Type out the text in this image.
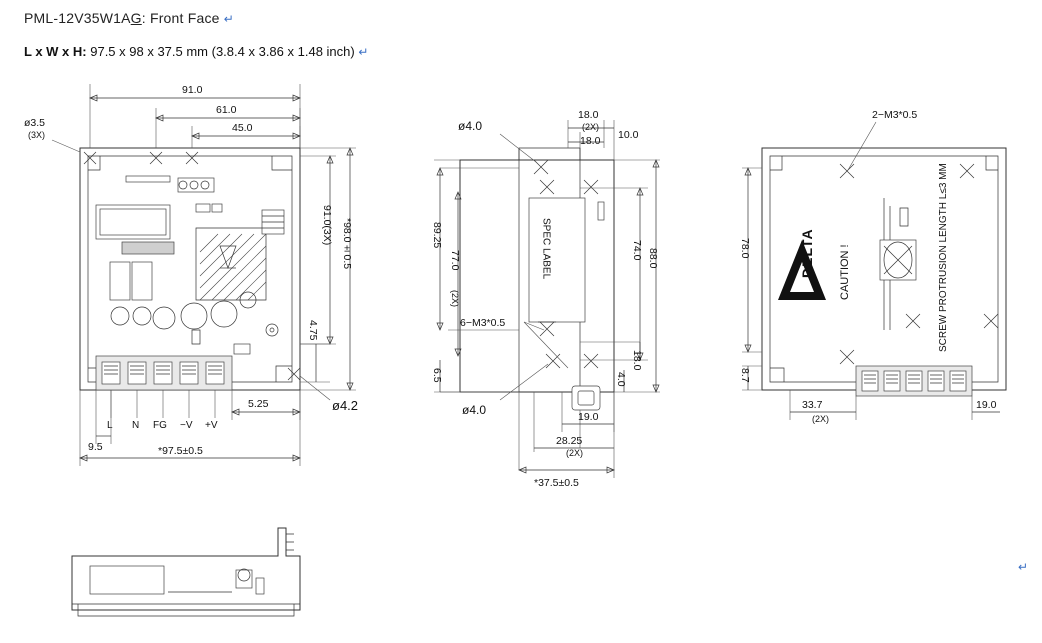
PML-12V35W1AG: Front Face ↵
L x W x H: 97.5 x 98 x 37.5 mm (3.8.4 x 3.86 x 1.48 inch) ↵
↵
L N FG −V +V
91.0
61.0
45.0
ø3.5
(3X)
91.0(3X) *98.0±0.5
4.75
ø4.2
5.25
9.5	*97.5±0.5
SPEC LABEL
18.0
(2X)
18.0 10.0
ø4.0
ø4.0
6−M3*0.5
89.25
77.0
(2X)
6.5
74.0 88.0
18.0
4.0
19.0
28.25
(2X)
*37.5±0.5
DELTA CAUTION !	SCREW PROTRUSION LENGTH L≤3 MM
2−M3*0.5
78.0
8.7
33.7
(2X)
19.0
